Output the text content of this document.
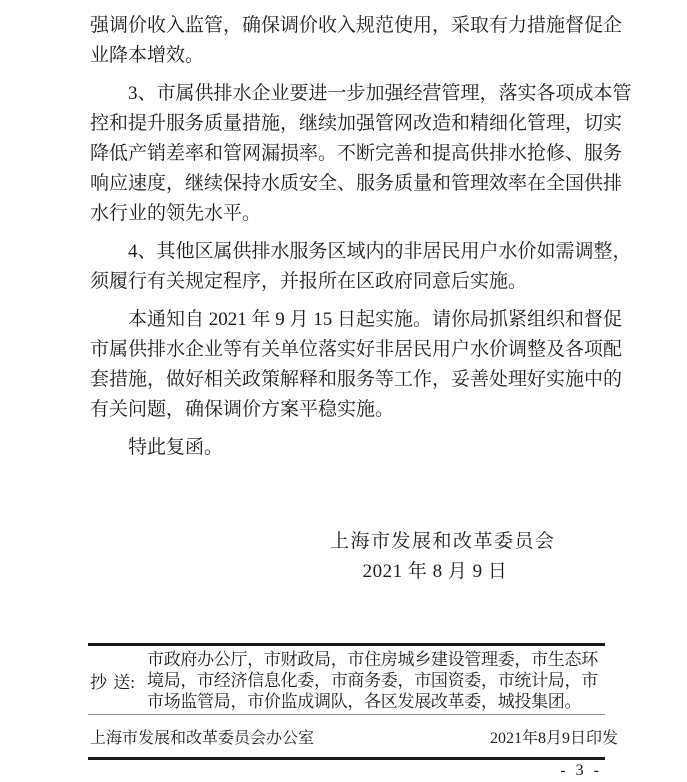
强调价收入监管，确保调价收入规范使用，采取有力措施督促企
业降本增效。
3、市属供排水企业要进一步加强经营管理，落实各项成本管
控和提升服务质量措施，继续加强管网改造和精细化管理，切实
降低产销差率和管网漏损率。不断完善和提高供排水抢修、服务
响应速度，继续保持水质安全、服务质量和管理效率在全国供排
水行业的领先水平。
4、其他区属供排水服务区域内的非居民用户水价如需调整，
须履行有关规定程序，并报所在区政府同意后实施。
本通知自 2021 年 9 月 15 日起实施。请你局抓紧组织和督促
市属供排水企业等有关单位落实好非居民用户水价调整及各项配
套措施，做好相关政策解释和服务等工作，妥善处理好实施中的
有关问题，确保调价方案平稳实施。
特此复函。
上海市发展和改革委员会
2021 年 8 月 9 日
抄 送:
市政府办公厅，市财政局，市住房城乡建设管理委，市生态环
境局，市经济信息化委，市商务委，市国资委，市统计局，市
市场监管局，市价监成调队，各区发展改革委，城投集团。
上海市发展和改革委员会办公室	2021年8月9日印发
- 3 -
